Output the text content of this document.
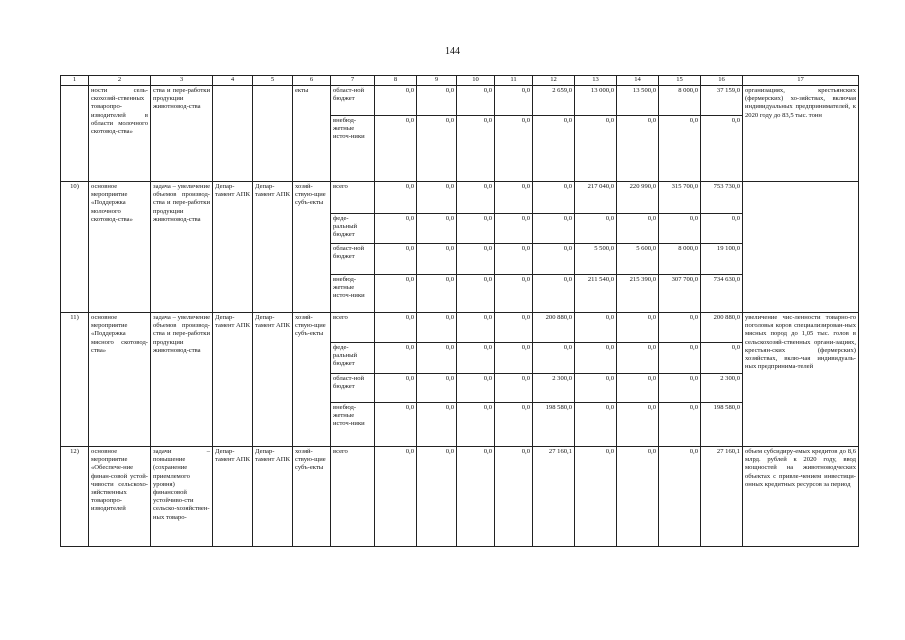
144
1	2	3	4	5	6	7	8	9	10	11	12	13	14	15	16	17
	ности сель-скохозяй-ственных товаропро-изводителей в области молочного скотовод-ства»	ства и пере-работки продукции животновод-ства			екты	област-ной бюджет	0,0	0,0	0,0	0,0	2 659,0	13 000,0	13 500,0	8 000,0	37 159,0	организациях, крестьянских (фермерских) хо-зяйствах, включая индивидуальных предпринимателей, к 2020 году до 83,5 тыс. тонн
						внебюд-жетные источ-ники	0,0	0,0	0,0	0,0	0,0	0,0	0,0	0,0	0,0	
10)	основное мероприятие «Поддержка молочного скотовод-ства»	задача – увеличение объемов производ-ства и пере-работки продукции животновод-ства	Депар-тамент АПК	Депар-тамент АПК	хозяй-ствую-щие субъ-екты	всего	0,0	0,0	0,0	0,0	0,0	217 040,0	220 990,0	315 700,0	753 730,0	
						феде-ральный бюджет	0,0	0,0	0,0	0,0	0,0	0,0	0,0	0,0	0,0	
						област-ной бюджет	0,0	0,0	0,0	0,0	0,0	5 500,0	5 600,0	8 000,0	19 100,0	
						внебюд-жетные источ-ники	0,0	0,0	0,0	0,0	0,0	211 540,0	215 390,0	307 700,0	734 630,0	
11)	основное мероприятие «Поддержка мясного скотовод-ства»	задача – увеличение объемов производ-ства и пере-работки продукции животновод-ства	Депар-тамент АПК	Депар-тамент АПК	хозяй-ствую-щие субъ-екты	всего	0,0	0,0	0,0	0,0	200 880,0	0,0	0,0	0,0	200 880,0	увеличение чис-ленности товарно-го поголовья коров специализирован-ных мясных пород до 1,05 тыс. голов в сельскохозяй-ственных органи-зациях, крестьян-ских (фермерских) хозяйствах, вклю-чая индивидуаль-ных предпринима-телей
						феде-ральный бюджет	0,0	0,0	0,0	0,0	0,0	0,0	0,0	0,0	0,0	
						област-ной бюджет	0,0	0,0	0,0	0,0	2 300,0	0,0	0,0	0,0	2 300,0	
						внебюд-жетные источ-ники	0,0	0,0	0,0	0,0	198 580,0	0,0	0,0	0,0	198 580,0	
12)	основное мероприятие «Обеспече-ние финан-совой устой-чивости сельскохо-зяйственных товаропро-изводителей	задачи – повышение (сохранение приемлемого уровня) финансовой устойчиво-сти сельско-хозяйствен-ных товаро-	Депар-тамент АПК	Депар-тамент АПК	хозяй-ствую-щие субъ-екты	всего	0,0	0,0	0,0	0,0	27 160,1	0,0	0,0	0,0	27 160,1	объем субсидиру-емых кредитов до 8,6 млрд. рублей к 2020 году, ввод мощностей на животноводческих объектах с привле-чением инвестици-онных кредитных ресурсов за период
